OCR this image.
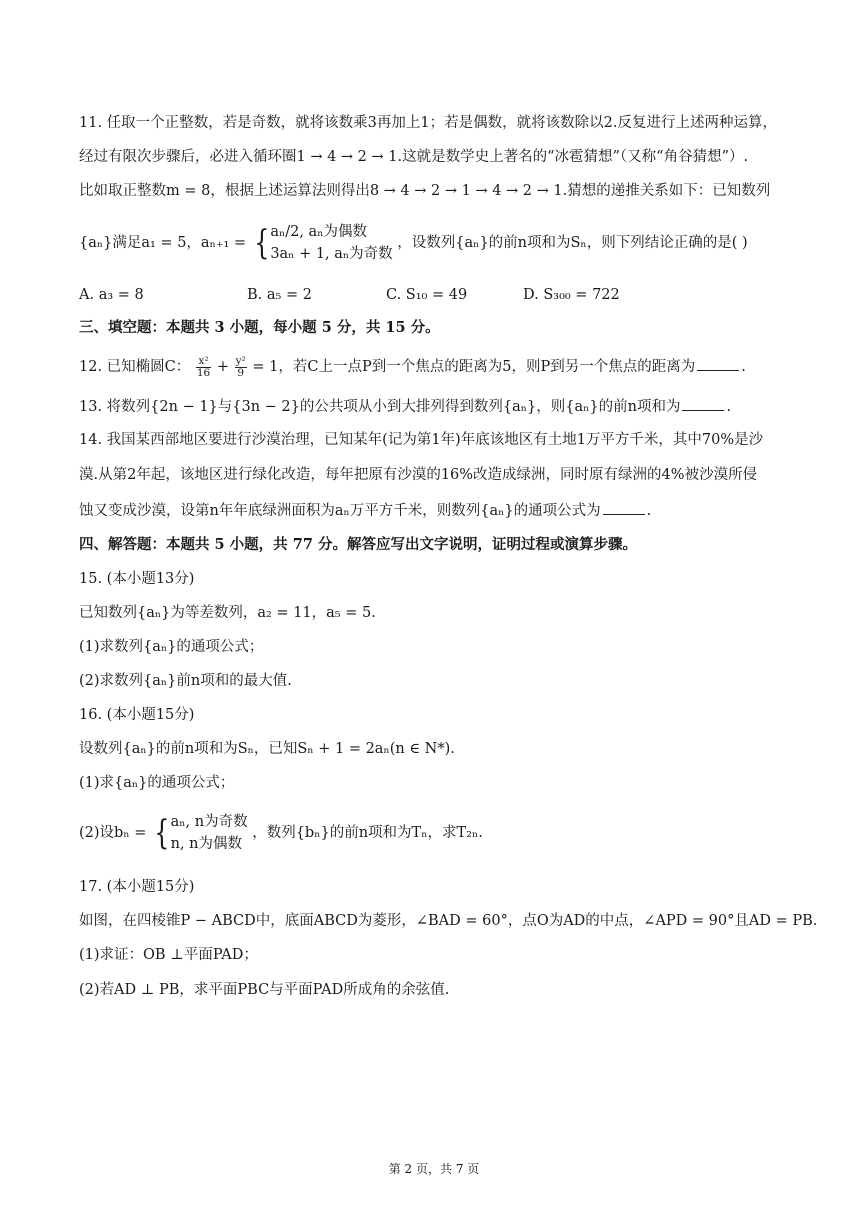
11. 任取一个正整数，若是奇数，就将该数乘3再加上1；若是偶数，就将该数除以2.反复进行上述两种运算，
经过有限次步骤后，必进入循环圈1 → 4 → 2 → 1.这就是数学史上著名的“冰雹猜想”（又称“角谷猜想”）.
比如取正整数m = 8，根据上述运算法则得出8 → 4 → 2 → 1 → 4 → 2 → 1.猜想的递推关系如下：已知数列
{aₙ}满足a₁ = 5，aₙ₊₁ = { aₙ/2, aₙ为偶数
3aₙ + 1, aₙ为奇数
，设数列{aₙ}的前n项和为Sₙ，则下列结论正确的是( )
A. a₃ = 8	B. a₅ = 2	C. S₁₀ = 49	D. S₃₀₀ = 722
三、填空题：本题共 3 小题，每小题 5 分，共 15 分。
12. 已知椭圆C： $\frac{\text{x²}}{16} + \frac{\text{y²}}{9} = 1$，若C上一点P到一个焦点的距离为5，则P到另一个焦点的距离为	.
13. 将数列{2n − 1}与{3n − 2}的公共项从小到大排列得到数列{aₙ}，则{aₙ}的前n项和为	.
14. 我国某西部地区要进行沙漠治理，已知某年(记为第1年)年底该地区有土地1万平方千米，其中70%是沙
漠.从第2年起，该地区进行绿化改造，每年把原有沙漠的16%改造成绿洲，同时原有绿洲的4%被沙漠所侵
蚀又变成沙漠，设第n年年底绿洲面积为aₙ万平方千米，则数列{aₙ}的通项公式为	.
四、解答题：本题共 5 小题，共 77 分。解答应写出文字说明，证明过程或演算步骤。
15. (本小题13分)
已知数列{aₙ}为等差数列，a₂ = 11，a₅ = 5.
(1)求数列{aₙ}的通项公式；
(2)求数列{aₙ}前n项和的最大值.
16. (本小题15分)
设数列{aₙ}的前n项和为Sₙ，已知Sₙ + 1 = 2aₙ(n ∈ N*).
(1)求{aₙ}的通项公式；
(2)设bₙ = { aₙ, n为奇数
n, n为偶数
，数列{bₙ}的前n项和为Tₙ，求T₂ₙ.
17. (本小题15分)
如图，在四棱锥P − ABCD中，底面ABCD为菱形，∠BAD = 60°，点O为AD的中点，∠APD = 90°且AD = PB.
(1)求证：OB ⊥平面PAD；
(2)若AD ⊥ PB，求平面PBC与平面PAD所成角的余弦值.
第 2 页，共 7 页
